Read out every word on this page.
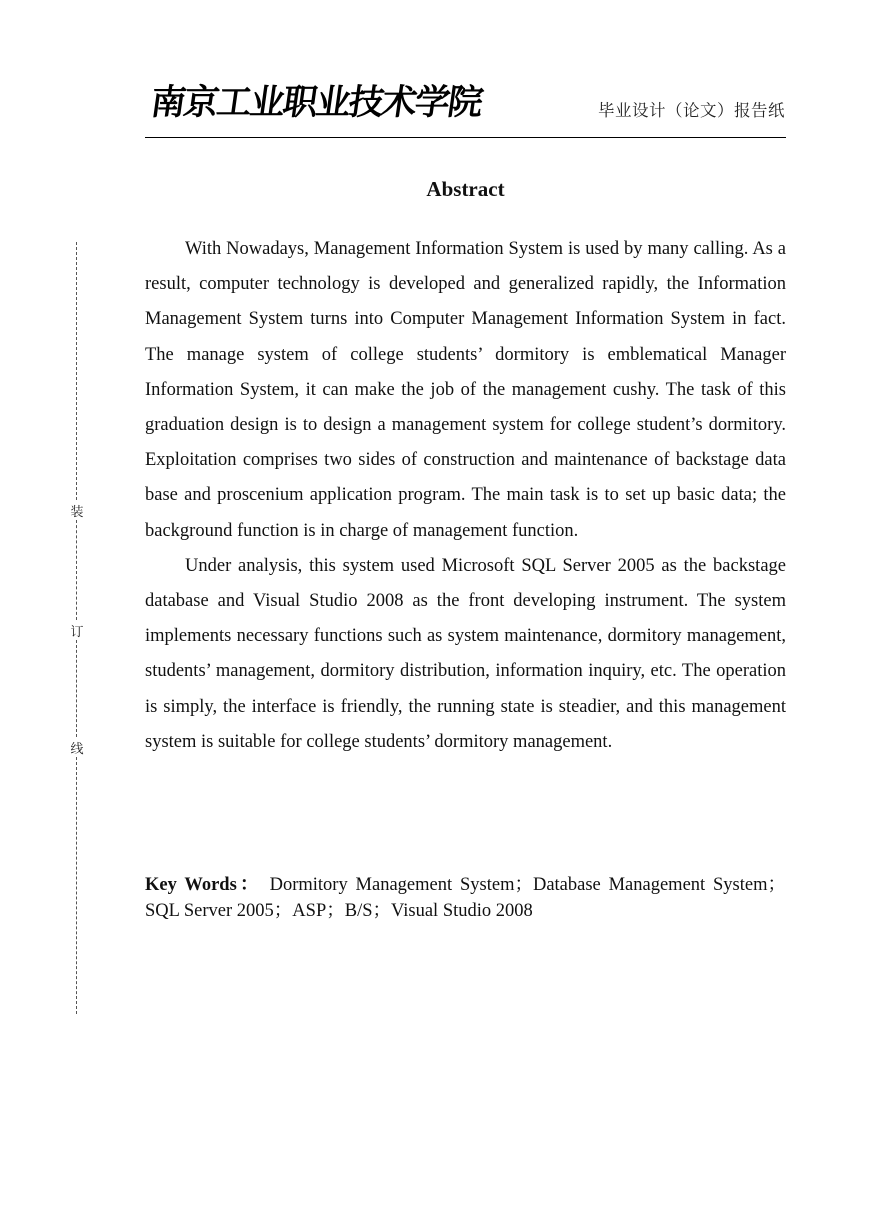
南京工业职业技术学院	毕业设计（论文）报告纸
装
订
线
Abstract

With Nowadays, Management Information System is used by many calling. As a result, computer technology is developed and generalized rapidly, the Information Management System turns into Computer Management Information System in fact. The manage system of college students’ dormitory is emblematical Manager Information System, it can make the job of the management cushy. The task of this graduation design is to design a management system for college student’s dormitory. Exploitation comprises two sides of construction and maintenance of backstage data base and proscenium application program. The main task is to set up basic data; the background function is in charge of management function.

Under analysis, this system used Microsoft SQL Server 2005 as the backstage database and Visual Studio 2008 as the front developing instrument. The system implements necessary functions such as system maintenance, dormitory management, students’ management, dormitory distribution, information inquiry, etc. The operation is simply, the interface is friendly, the running state is steadier, and this management system is suitable for college students’ dormitory management.

Key Words： Dormitory Management System；Database Management System；SQL Server 2005；ASP；B/S；Visual Studio 2008
